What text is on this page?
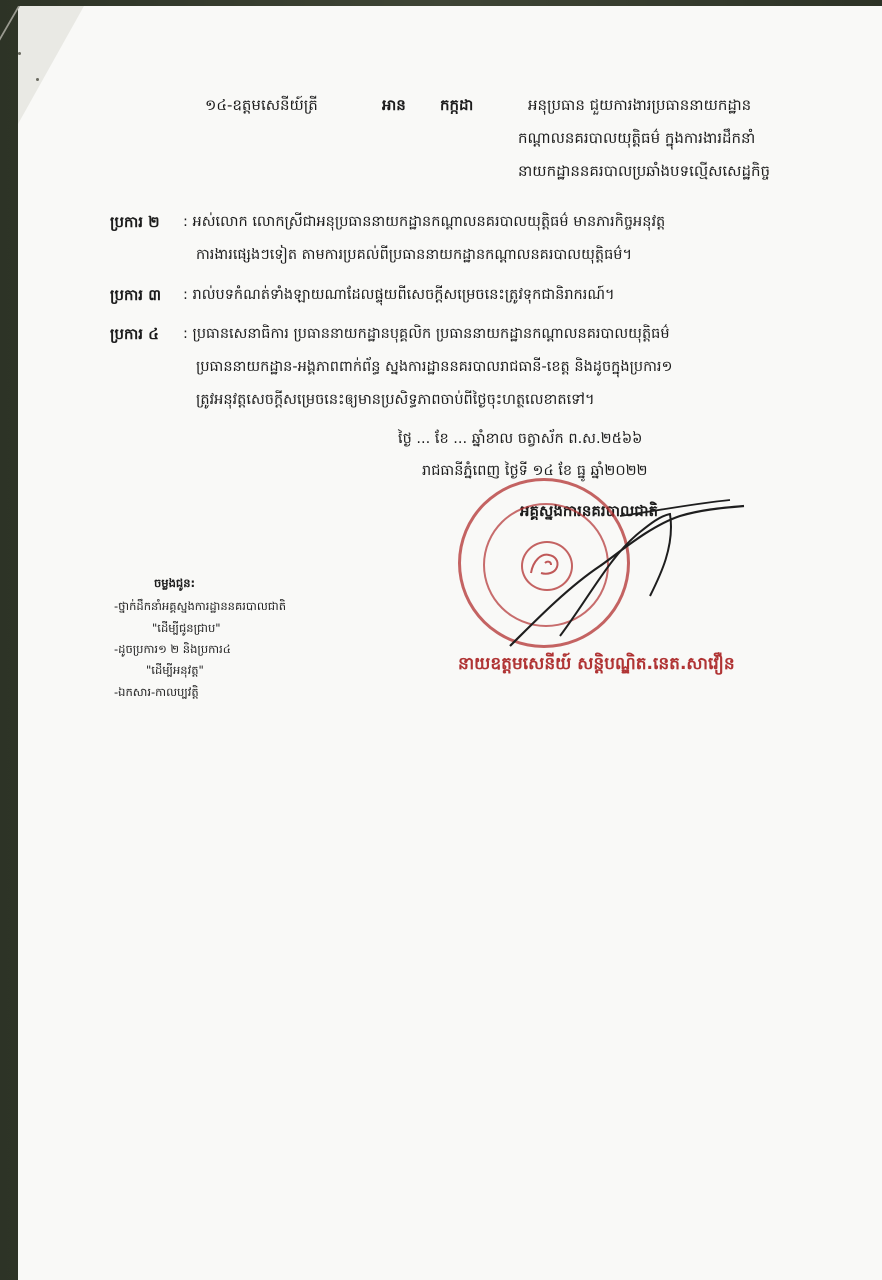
១៤-ឧត្តមសេនីយ៍ត្រី	អាន កក្កដា	អនុប្រធាន ជួយការងារប្រធាននាយកដ្ឋាន
កណ្ដាលនគរបាលយុត្តិធម៌ ក្នុងការងារដឹកនាំ
នាយកដ្ឋាននគរបាលប្រឆាំងបទល្មើសសេដ្ឋកិច្ច
ប្រការ ២ : អស់លោក លោកស្រីជាអនុប្រធាននាយកដ្ឋានកណ្ដាលនគរបាលយុត្តិធម៌ មានភារកិច្ចអនុវត្ត
ការងារផ្សេងៗទៀត តាមការប្រគល់ពីប្រធាននាយកដ្ឋានកណ្ដាលនគរបាលយុត្តិធម៌។
ប្រការ ៣ : រាល់បទកំណត់ទាំងឡាយណាដែលផ្ទុយពីសេចក្ដីសម្រេចនេះត្រូវទុកជានិរាករណ៍។
ប្រការ ៤ : ប្រធានសេនាធិការ ប្រធាននាយកដ្ឋានបុគ្គលិក ប្រធាននាយកដ្ឋានកណ្ដាលនគរបាលយុត្តិធម៌
ប្រធាននាយកដ្ឋាន-អង្គភាពពាក់ព័ន្ធ ស្នងការដ្ឋាននគរបាលរាជធានី-ខេត្ត និងដូចក្នុងប្រការ១
ត្រូវអនុវត្តសេចក្ដីសម្រេចនេះឲ្យមានប្រសិទ្ធភាពចាប់ពីថ្ងៃចុះហត្ថលេខាតទៅ។
ថ្ងៃ ... ខែ ... ឆ្នាំខាល ចត្វាស័ក ព.ស.២៥៦៦
រាជធានីភ្នំពេញ ថ្ងៃទី ១៤ ខែ ធ្នូ ឆ្នាំ២០២២
អគ្គស្នងការនគរបាលជាតិ
នាយឧត្តមសេនីយ៍ សន្តិបណ្ឌិត.នេត.សាវឿន
ចម្លងជូន:
-ថ្នាក់ដឹកនាំអគ្គស្នងការដ្ឋាននគរបាលជាតិ
"ដើម្បីជូនជ្រាប"
-ដូចប្រការ១ ២ និងប្រការ៤
"ដើម្បីអនុវត្ត"
-ឯកសារ-កាលប្បវត្តិ
